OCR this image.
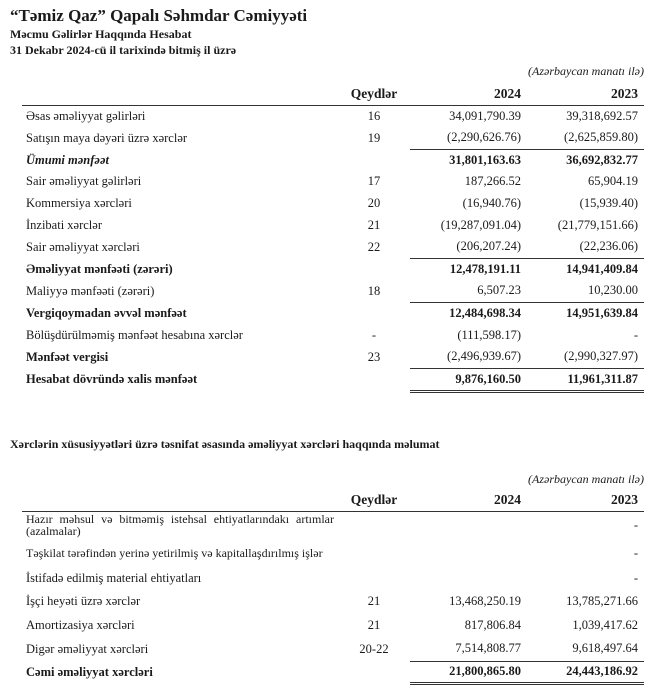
“Təmiz Qaz” Qapalı Səhmdar Cəmiyyəti
Məcmu Gəlirlər Haqqında Hesabat
31 Dekabr 2024-cü il tarixində bitmiş il üzrə
(Azərbaycan manatı ilə)
	Qeydlər	2024	2023
Əsas əməliyyat gəlirləri	16	34,091,790.39	39,318,692.57
Satışın maya dəyəri üzrə xərclər	19	(2,290,626.76)	(2,625,859.80)
Ümumi mənfəət		31,801,163.63	36,692,832.77
Sair əməliyyat gəlirləri	17	187,266.52	65,904.19
Kommersiya xərcləri	20	(16,940.76)	(15,939.40)
İnzibati xərclər	21	(19,287,091.04)	(21,779,151.66)
Sair əməliyyat xərcləri	22	(206,207.24)	(22,236.06)
Əməliyyat mənfəəti (zərəri)		12,478,191.11	14,941,409.84
Maliyyə mənfəəti (zərəri)	18	6,507.23	10,230.00
Vergiqoymadan əvvəl mənfəət		12,484,698.34	14,951,639.84
Bölüşdürülməmiş mənfəət hesabına xərclər	-	(111,598.17)	-
Mənfəət vergisi	23	(2,496,939.67)	(2,990,327.97)
Hesabat dövründə xalis mənfəət		9,876,160.50	11,961,311.87
Xərclərin xüsusiyyətləri üzrə təsnifat əsasında əməliyyat xərcləri haqqında məlumat
(Azərbaycan manatı ilə)
	Qeydlər	2024	2023
Hazır məhsul və bitməmiş istehsal ehtiyatlarındakı artımlar (azalmalar)			-
Təşkilat tərəfindən yerinə yetirilmiş və kapitallaşdırılmış işlər			-
İstifadə edilmiş material ehtiyatları			-
İşçi heyəti üzrə xərclər	21	13,468,250.19	13,785,271.66
Amortizasiya xərcləri	21	817,806.84	1,039,417.62
Digər əməliyyat xərcləri	20-22	7,514,808.77	9,618,497.64
Cəmi əməliyyat xərcləri		21,800,865.80	24,443,186.92
